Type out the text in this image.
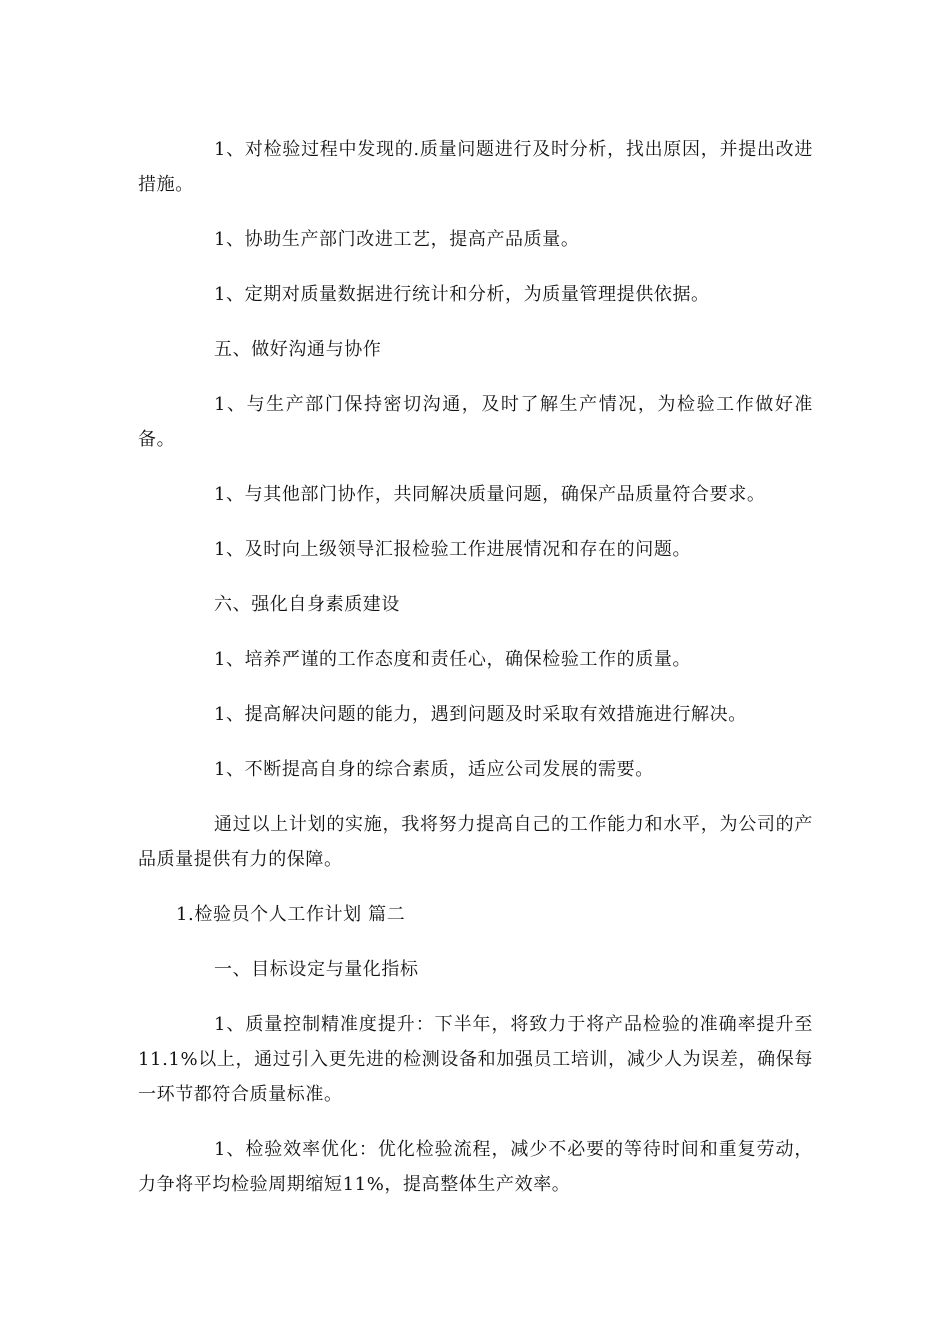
1、对检验过程中发现的.质量问题进行及时分析，找出原因，并提出改进措施。

1、协助生产部门改进工艺，提高产品质量。

1、定期对质量数据进行统计和分析，为质量管理提供依据。

五、做好沟通与协作

1、与生产部门保持密切沟通，及时了解生产情况，为检验工作做好准备。

1、与其他部门协作，共同解决质量问题，确保产品质量符合要求。

1、及时向上级领导汇报检验工作进展情况和存在的问题。

六、强化自身素质建设

1、培养严谨的工作态度和责任心，确保检验工作的质量。

1、提高解决问题的能力，遇到问题及时采取有效措施进行解决。

1、不断提高自身的综合素质，适应公司发展的需要。

通过以上计划的实施，我将努力提高自己的工作能力和水平，为公司的产品质量提供有力的保障。

1.检验员个人工作计划 篇二

一、目标设定与量化指标

1、质量控制精准度提升：下半年，将致力于将产品检验的准确率提升至11.1%以上，通过引入更先进的检测设备和加强员工培训，减少人为误差，确保每一环节都符合质量标准。

1、检验效率优化：优化检验流程，减少不必要的等待时间和重复劳动，力争将平均检验周期缩短11%，提高整体生产效率。
